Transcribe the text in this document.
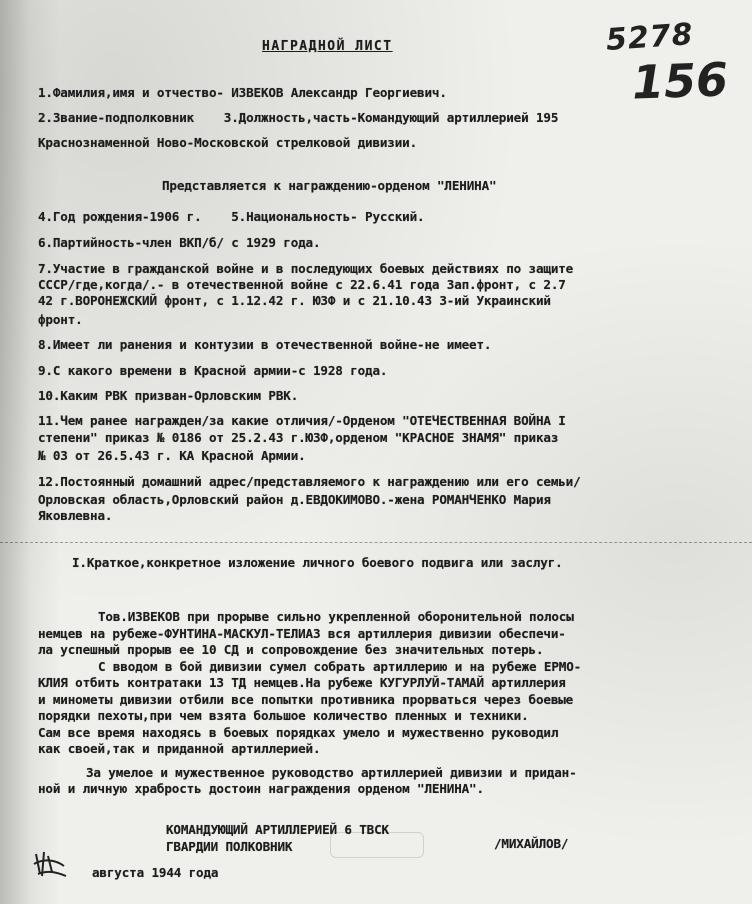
5278
156
НАГРАДНОЙ ЛИСТ
1.Фамилия,имя и отчество- ИЗВЕКОВ Александр Георгиевич.
2.Звание-подполковник    3.Должность,часть-Командующий артиллерией 195
Краснознаменной Ново-Московской стрелковой дивизии.
Представляется к награждению-орденом "ЛЕНИНА"
4.Год рождения-1906 г.    5.Национальность- Русский.
6.Партийность-член ВКП/б/ с 1929 года.
7.Участие в гражданской войне и в последующих боевых действиях по защите
СССР/где,когда/.- в отечественной войне с 22.6.41 года Зап.фронт, с 2.7
42 г.ВОРОНЕЖСКИЙ фронт, с 1.12.42 г. ЮЗФ и с 21.10.43 3-ий Украинский
фронт.
8.Имеет ли ранения и контузии в отечественной войне-не имеет.
9.С какого времени в Красной армии-с 1928 года.
10.Каким РВК призван-Орловским РВК.
11.Чем ранее награжден/за какие отличия/-Орденом "ОТЕЧЕСТВЕННАЯ ВОЙНА I
степени" приказ № 0186 от 25.2.43 г.ЮЗФ,орденом "КРАСНОЕ ЗНАМЯ" приказ
№ 03 от 26.5.43 г. КА Красной Армии.
12.Постоянный домашний адрес/представляемого к награждению или его семьи/
Орловская область,Орловский район д.ЕВДОКИМОВО.-жена РОМАНЧЕНКО Мария
Яковлевна.
I.Краткое,конкретное изложение личного боевого подвига или заслуг.
Тов.ИЗВЕКОВ при прорыве сильно укрепленной оборонительной полосы
немцев на рубеже-ФУНТИНА-МАСКУЛ-ТЕЛИАЗ вся артиллерия дивизии обеспечи-
ла успешный прорыв ее 10 СД и сопровождение без значительных потерь.
С вводом в бой дивизии сумел собрать артиллерию и на рубеже ЕРМО-
КЛИЯ отбить контратаки 13 ТД немцев.На рубеже КУГУРЛУЙ-ТАМАЙ артиллерия
и минометы дивизии отбили все попытки противника прорваться через боевые
порядки пехоты,при чем взята большое количество пленных и техники.
Сам все время находясь в боевых порядках умело и мужественно руководил
как своей,так и приданной артиллерией.
За умелое и мужественное руководство артиллерией дивизии и придан-
ной и личную храбрость достоин награждения орденом "ЛЕНИНА".
КОМАНДУЮЩИЙ АРТИЛЛЕРИЕЙ 6 ТВСК
ГВАРДИИ ПОЛКОВНИК	/МИХАЙЛОВ/
августа 1944 года
